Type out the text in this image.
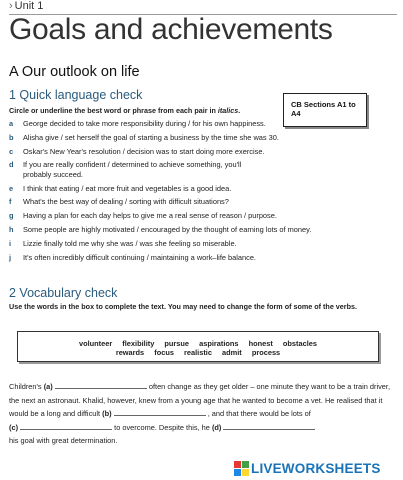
› Unit 1
Goals and achievements
A Our outlook on life
1 Quick language check
Circle or underline the best word or phrase from each pair in italics.
CB Sections A1 to A4
a George decided to take more responsibility during / for his own happiness.
b Alisha give / set herself the goal of starting a business by the time she was 30.
c Oskar's New Year's resolution / decision was to start doing more exercise.
d If you are really confident / determined to achieve something, you'll probably succeed.
e I think that eating / eat more fruit and vegetables is a good idea.
f What's the best way of dealing / sorting with difficult situations?
g Having a plan for each day helps to give me a real sense of reason / purpose.
h Some people are highly motivated / encouraged by the thought of earning lots of money.
i Lizzie finally told me why she was / was she feeling so miserable.
j It's often incredibly difficult continuing / maintaining a work–life balance.
2 Vocabulary check
Use the words in the box to complete the text. You may need to change the form of some of the verbs.
volunteer flexibility pursue aspirations honest obstacles
rewards focus realistic admit process
Children's (a)	often change as they get older – one minute they want to be a train driver, the next an astronaut. Khalid, however, knew from a young age that he wanted to become a vet. He realised that it would be a long and difficult (b)	, and that there would be lots of
(c)	to overcome. Despite this, he (d)
his goal with great determination.
LIVEWORKSHEETS
